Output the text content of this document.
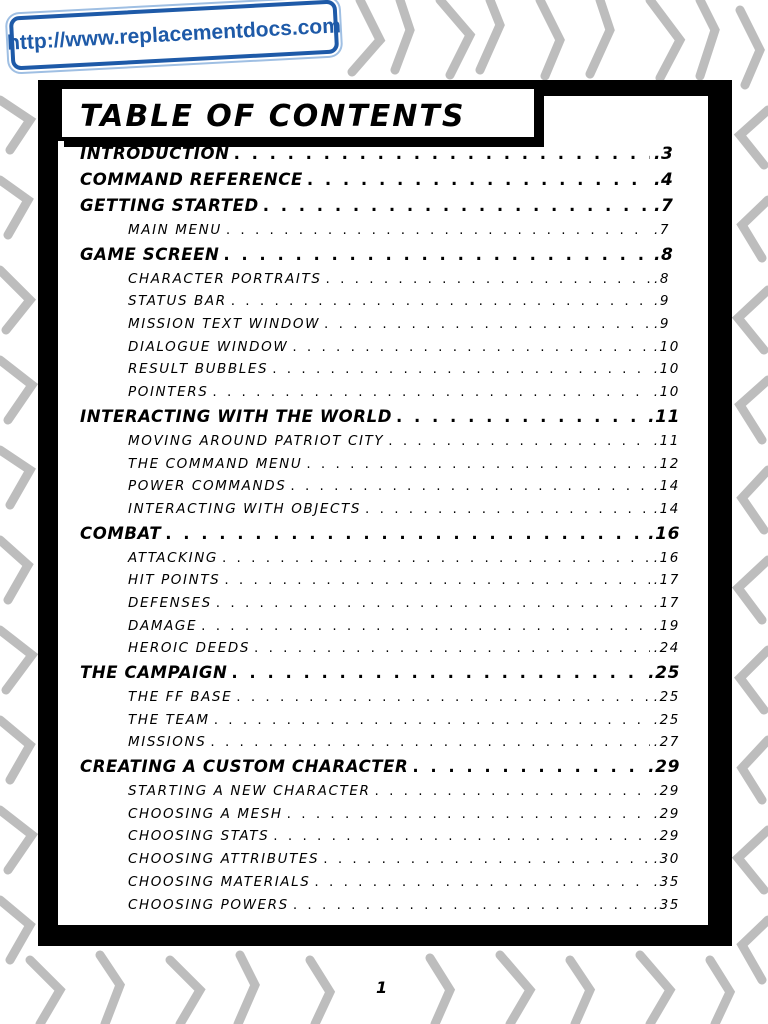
http://www.replacementdocs.com
TABLE OF CONTENTS
INTRODUCTION . . .	.3
COMMAND REFERENCE . . .	.4
GETTING STARTED . . .	.7
MAIN MENU . . .	.7
GAME SCREEN . . .	.8
CHARACTER PORTRAITS . . .	.8
STATUS BAR . . .	.9
MISSION TEXT WINDOW . . .	.9
DIALOGUE WINDOW . . .	.10
RESULT BUBBLES . . .	.10
POINTERS . . .	.10
INTERACTING WITH THE WORLD . . .	.11
MOVING AROUND PATRIOT CITY . . .	.11
THE COMMAND MENU . . .	.12
POWER COMMANDS . . .	.14
INTERACTING WITH OBJECTS . . .	.14
COMBAT . . .	.16
ATTACKING . . .	.16
HIT POINTS . . .	.17
DEFENSES . . .	.17
DAMAGE . . .	.19
HEROIC DEEDS . . .	.24
THE CAMPAIGN . . .	.25
THE FF BASE . . .	.25
THE TEAM . . .	.25
MISSIONS . . .	.27
CREATING A CUSTOM CHARACTER . . .	.29
STARTING A NEW CHARACTER . . .	.29
CHOOSING A MESH . . .	.29
CHOOSING STATS . . .	.29
CHOOSING ATTRIBUTES . . .	.30
CHOOSING MATERIALS . . .	.35
CHOOSING POWERS . . .	.35
1
